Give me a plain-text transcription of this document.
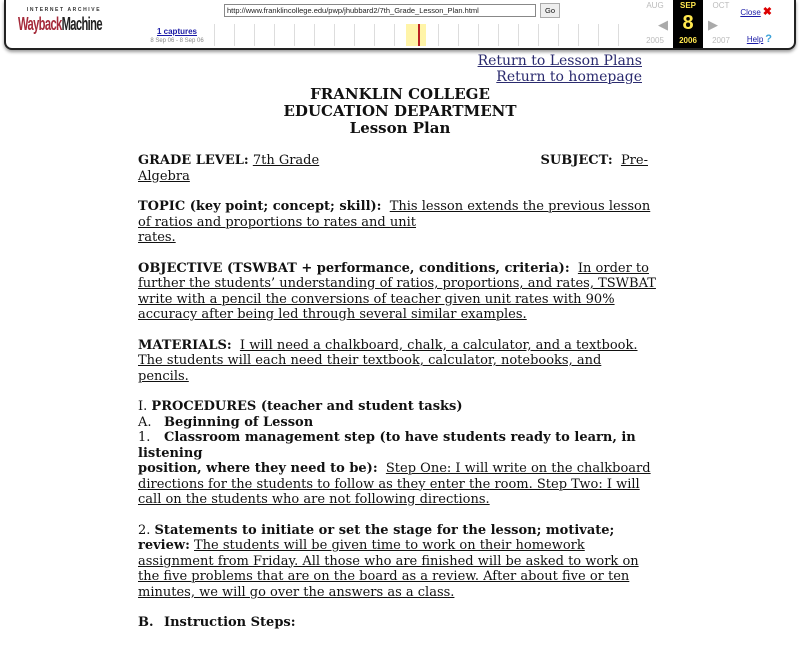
INTERNET ARCHIVE
WaybackMachine	1 captures
8 Sep 06 - 8 Sep 06
http://www.franklincollege.edu/pwp/jhubbard2/7th_Grade_Lesson_Plan.html	Go
AUG
◀
2005
SEP
8
2006
OCT
▶
2007
Close ✖
Help ?
Return to Lesson Plans
Return to homepage
FRANKLIN COLLEGE
EDUCATION DEPARTMENT
Lesson Plan

GRADE LEVEL: 7th Grade	SUBJECT: Pre-

Algebra

TOPIC (key point; concept; skill): This lesson extends the previous lesson of ratios and proportions to rates and unit
rates.

OBJECTIVE (TSWBAT + performance, conditions, criteria): In order to further the students’ understanding of ratios, proportions, and rates, TSWBAT write with a pencil the conversions of teacher given unit rates with 90% accuracy after being led through several similar examples.

MATERIALS: I will need a chalkboard, chalk, a calculator, and a textbook. The students will each need their textbook, calculator, notebooks, and pencils.

I. PROCEDURES (teacher and student tasks)

A. Beginning of Lesson

1. Classroom management step (to have students ready to learn, in listening
position, where they need to be): Step One: I will write on the chalkboard directions for the students to follow as they enter the room. Step Two: I will call on the students who are not following directions.

2. Statements to initiate or set the stage for the lesson; motivate; review: The students will be given time to work on their homework assignment from Friday. All those who are finished will be asked to work on the five problems that are on the board as a review. After about five or ten minutes, we will go over the answers as a class.

B. Instruction Steps:
